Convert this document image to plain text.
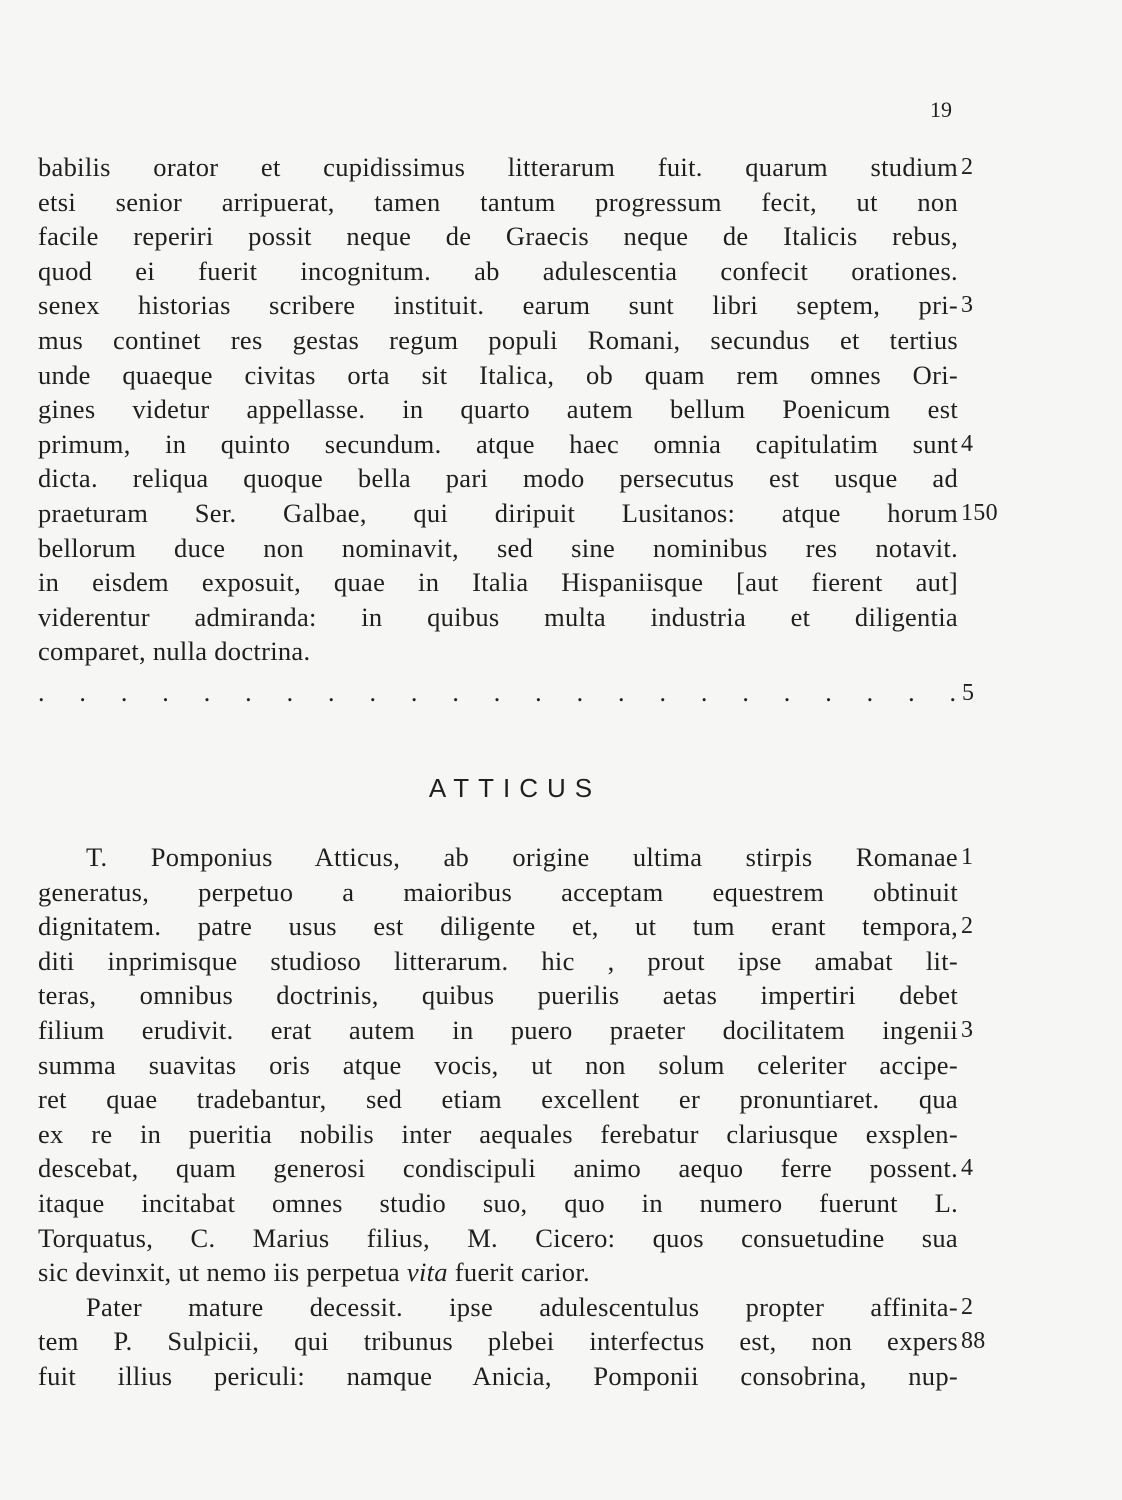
19
babilis orator et cupidissimus litterarum fuit. quarum studium 2
etsi senior arripuerat, tamen tantum progressum fecit, ut non
facile reperiri possit neque de Graecis neque de Italicis rebus,
quod ei fuerit incognitum. ab adulescentia confecit orationes.
senex historias scribere instituit. earum sunt libri septem, pri- 3
mus continet res gestas regum populi Romani, secundus et tertius
unde quaeque civitas orta sit Italica, ob quam rem omnes Ori-
gines videtur appellasse. in quarto autem bellum Poenicum est
primum, in quinto secundum. atque haec omnia capitulatim sunt 4
dicta. reliqua quoque bella pari modo persecutus est usque ad
praeturam Ser. Galbae, qui diripuit Lusitanos: atque horum 150
bellorum duce non nominavit, sed sine nominibus res notavit.
in eisdem exposuit, quae in Italia Hispaniisque [aut fierent aut]
viderentur admiranda: in quibus multa industria et diligentia
comparet, nulla doctrina.
. . . . . . . . . . . . . . . . . . . . . . . 5
ATTICUS
T. Pomponius Atticus, ab origine ultima stirpis Romanae 1
generatus, perpetuo a maioribus acceptam equestrem obtinuit
dignitatem. patre usus est diligente et, ut tum erant tempora, 2
diti inprimisque studioso litterarum. hic , prout ipse amabat lit-
teras, omnibus doctrinis, quibus puerilis aetas impertiri debet
filium erudivit. erat autem in puero praeter docilitatem ingenii 3
summa suavitas oris atque vocis, ut non solum celeriter accipe-
ret quae tradebantur, sed etiam excellent er pronuntiaret. qua
ex re in pueritia nobilis inter aequales ferebatur clariusque exsplen-
descebat, quam generosi condiscipuli animo aequo ferre possent. 4
itaque incitabat omnes studio suo, quo in numero fuerunt L.
Torquatus, C. Marius filius, M. Cicero: quos consuetudine sua
sic devinxit, ut nemo iis perpetua vita fuerit carior.
Pater mature decessit. ipse adulescentulus propter affinita- 2
tem P. Sulpicii, qui tribunus plebei interfectus est, non expers 88
fuit illius periculi: namque Anicia, Pomponii consobrina, nup-
